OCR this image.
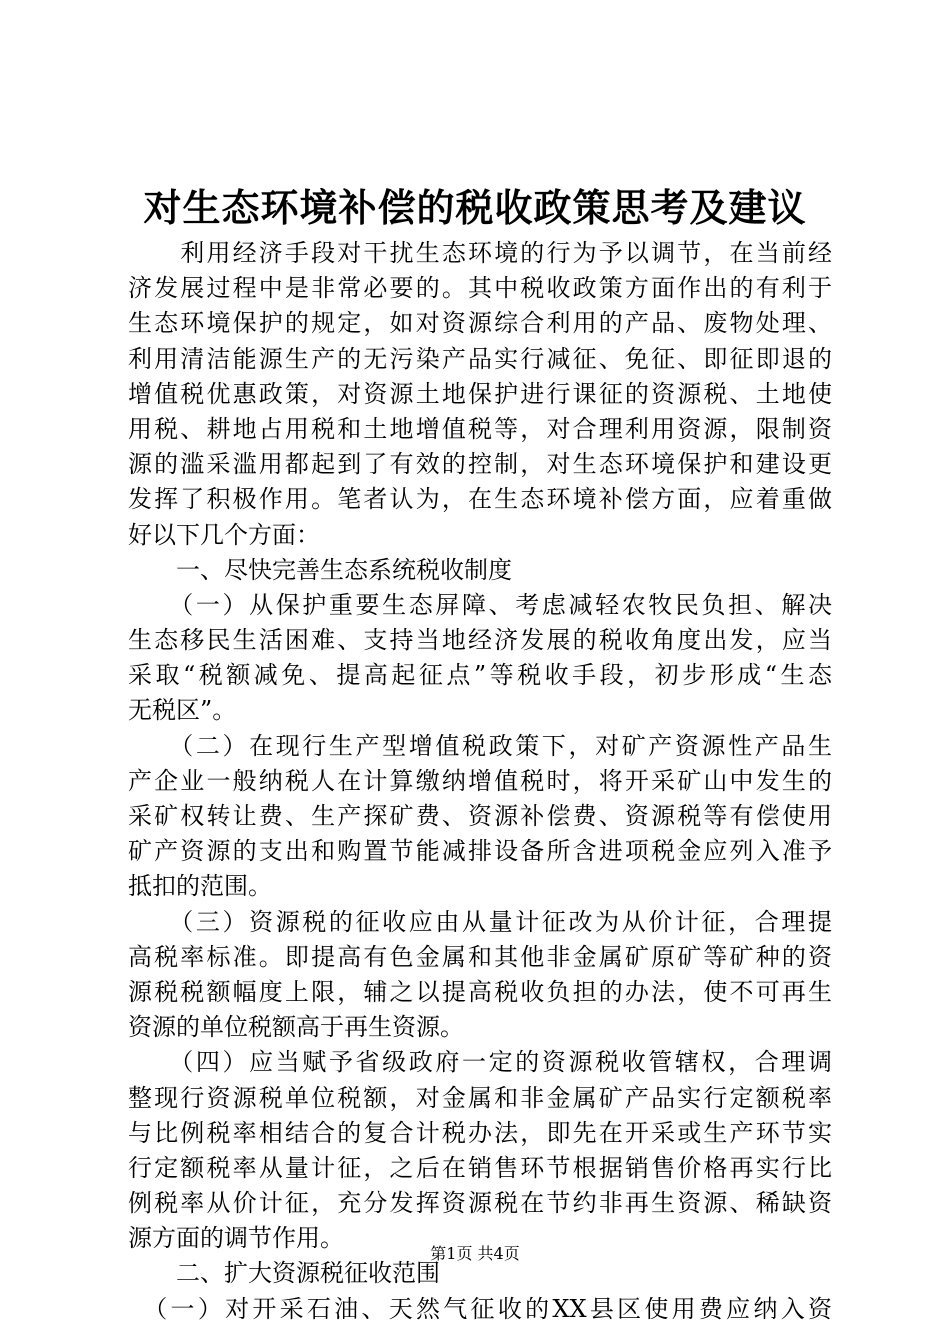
对生态环境补偿的税收政策思考及建议
　　利用经济手段对干扰生态环境的行为予以调节，在当前经
济发展过程中是非常必要的。其中税收政策方面作出的有利于
生态环境保护的规定，如对资源综合利用的产品、废物处理、
利用清洁能源生产的无污染产品实行减征、免征、即征即退的
增值税优惠政策，对资源土地保护进行课征的资源税、土地使
用税、耕地占用税和土地增值税等，对合理利用资源，限制资
源的滥采滥用都起到了有效的控制，对生态环境保护和建设更
发挥了积极作用。笔者认为，在生态环境补偿方面，应着重做
好以下几个方面：
　　一、尽快完善生态系统税收制度
　　（一）从保护重要生态屏障、考虑减轻农牧民负担、解决
生态移民生活困难、支持当地经济发展的税收角度出发，应当
采取“税额减免、提高起征点”等税收手段，初步形成“生态
无税区”。
　　（二）在现行生产型增值税政策下，对矿产资源性产品生
产企业一般纳税人在计算缴纳增值税时，将开采矿山中发生的
采矿权转让费、生产探矿费、资源补偿费、资源税等有偿使用
矿产资源的支出和购置节能减排设备所含进项税金应列入准予
抵扣的范围。
　　（三）资源税的征收应由从量计征改为从价计征，合理提
高税率标准。即提高有色金属和其他非金属矿原矿等矿种的资
源税税额幅度上限，辅之以提高税收负担的办法，使不可再生
资源的单位税额高于再生资源。
　　（四）应当赋予省级政府一定的资源税收管辖权，合理调
整现行资源税单位税额，对金属和非金属矿产品实行定额税率
与比例税率相结合的复合计税办法，即先在开采或生产环节实
行定额税率从量计征，之后在销售环节根据销售价格再实行比
例税率从价计征，充分发挥资源税在节约非再生资源、稀缺资
源方面的调节作用。
　　二、扩大资源税征收范围
　（一）对开采石油、天然气征收的XX县区使用费应纳入资
第1页 共4页
